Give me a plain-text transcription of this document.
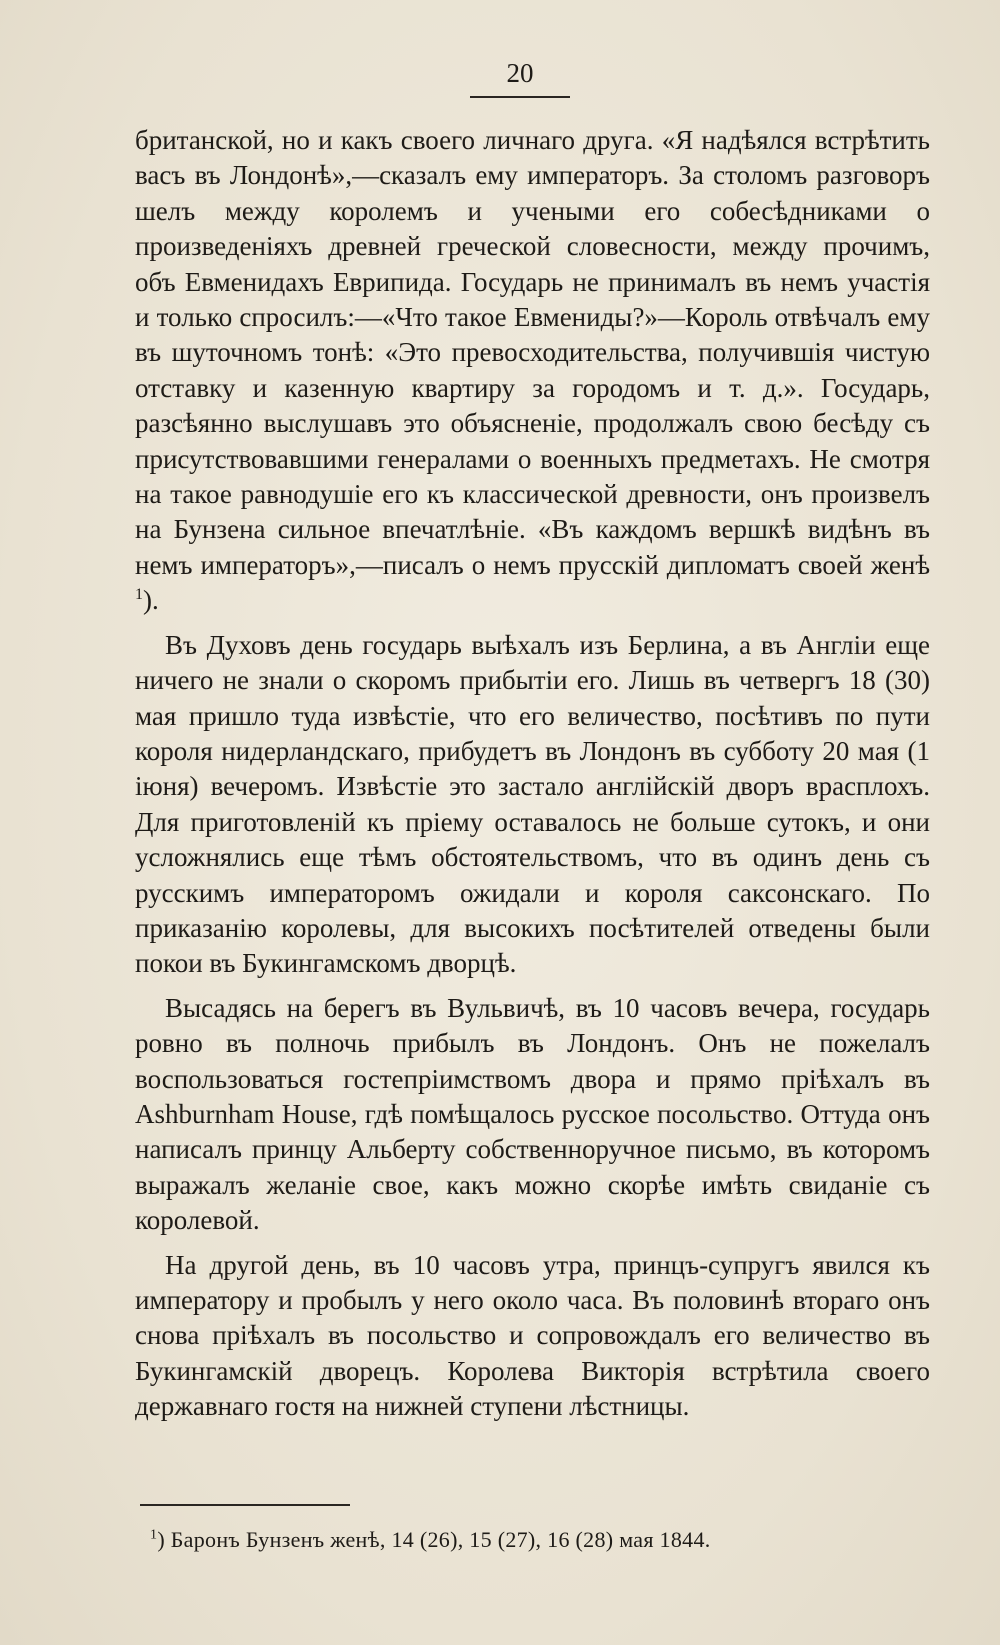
20

британской, но и какъ своего личнаго друга. «Я надѣялся встрѣтить васъ въ Лондонѣ»,—сказалъ ему императоръ. За столомъ разговоръ шелъ между королемъ и учеными его собесѣдниками о произведеніяхъ древней греческой словесности, между прочимъ, объ Евменидахъ Еврипида. Государь не принималъ въ немъ участія и только спросилъ:—«Что такое Евмениды?»—Король отвѣчалъ ему въ шуточномъ тонѣ: «Это превосходительства, получившія чистую отставку и казенную квартиру за городомъ и т. д.». Государь, разсѣянно выслушавъ это объясненіе, продолжалъ свою бесѣду съ присутствовавшими генералами о военныхъ предметахъ. Не смотря на такое равнодушіе его къ классической древности, онъ произвелъ на Бунзена сильное впечатлѣніе. «Въ каждомъ вершкѣ видѣнъ въ немъ императоръ»,—писалъ о немъ прусскій дипломатъ своей женѣ $^1$).

Въ Духовъ день государь выѣхалъ изъ Берлина, а въ Англіи еще ничего не знали о скоромъ прибытіи его. Лишь въ четвергъ 18 (30) мая пришло туда извѣстіе, что его величество, посѣтивъ по пути короля нидерландскаго, прибудетъ въ Лондонъ въ субботу 20 мая (1 іюня) вечеромъ. Извѣстіе это застало англійскій дворъ врасплохъ. Для приготовленій къ пріему оставалось не больше сутокъ, и они усложнялись еще тѣмъ обстоятельствомъ, что въ одинъ день съ русскимъ императоромъ ожидали и короля саксонскаго. По приказанію королевы, для высокихъ посѣтителей отведены были покои въ Букингамскомъ дворцѣ.

Высадясь на берегъ въ Вульвичѣ, въ 10 часовъ вечера, государь ровно въ полночь прибылъ въ Лондонъ. Онъ не пожелалъ воспользоваться гостепріимствомъ двора и прямо пріѣхалъ въ Ashburnham House, гдѣ помѣщалось русское посольство. Оттуда онъ написалъ принцу Альберту собственноручное письмо, въ которомъ выражалъ желаніе свое, какъ можно скорѣе имѣть свиданіе съ королевой.

На другой день, въ 10 часовъ утра, принцъ-супругъ явился къ императору и пробылъ у него около часа. Въ половинѣ втораго онъ снова пріѣхалъ въ посольство и сопровождалъ его величество въ Букингамскій дворецъ. Королева Викторія встрѣтила своего державнаго гостя на нижней ступени лѣстницы.

$^1$) Баронъ Бунзенъ женѣ, 14 (26), 15 (27), 16 (28) мая 1844.
